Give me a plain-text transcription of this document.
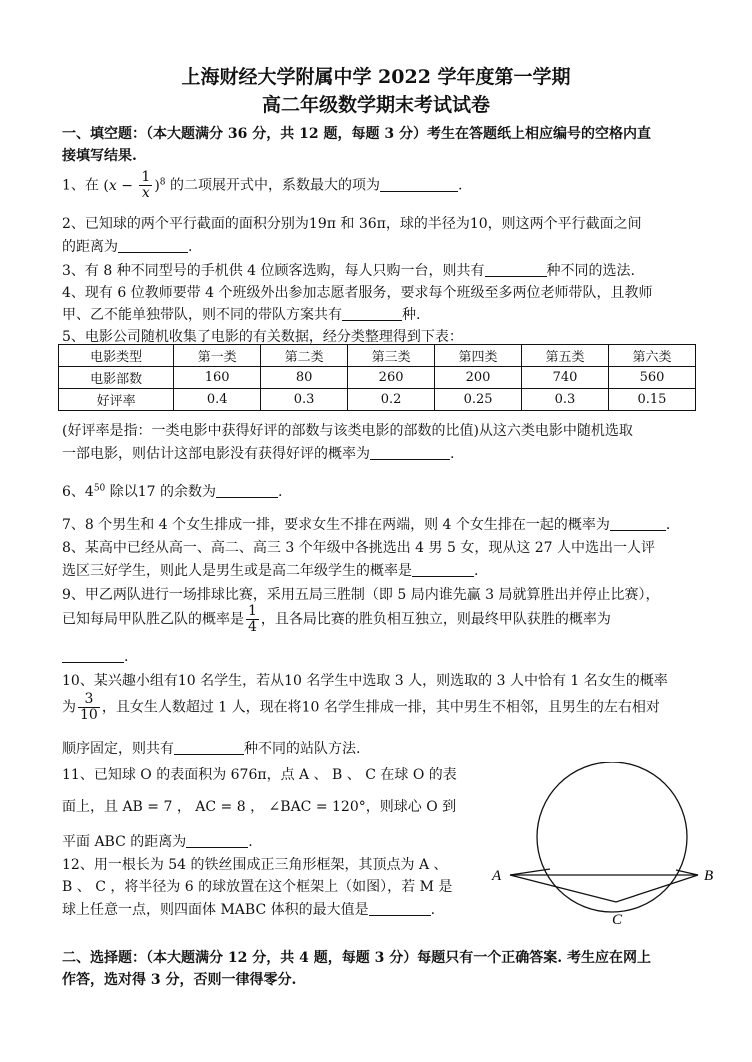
上海财经大学附属中学 2022 学年度第一学期
高二年级数学期末考试试卷
一、填空题：（本大题满分 36 分，共 12 题，每题 3 分）考生在答题纸上相应编号的空格内直
接填写结果.
1、在 $(x - \frac{1}{x} )^8$ 的二项展开式中，系数最大的项为	.
2、已知球的两个平行截面的面积分别为19π 和 36π，球的半径为10，则这两个平行截面之间
的距离为	.
3、有 8 种不同型号的手机供 4 位顾客选购，每人只购一台，则共有	种不同的选法.
4、现有 6 位教师要带 4 个班级外出参加志愿者服务，要求每个班级至多两位老师带队，且教师
甲、乙不能单独带队，则不同的带队方案共有	种.
5、电影公司随机收集了电影的有关数据，经分类整理得到下表：
电影类型	第一类	第二类	第三类	第四类	第五类	第六类
电影部数	160	80	260	200	740	560
好评率	0.4	0.3	0.2	0.25	0.3	0.15
(好评率是指：一类电影中获得好评的部数与该类电影的部数的比值)从这六类电影中随机选取
一部电影，则估计这部电影没有获得好评的概率为	.
6、$4^{50}$ 除以17 的余数为	.
7、8 个男生和 4 个女生排成一排，要求女生不排在两端，则 4 个女生排在一起的概率为	.
8、某高中已经从高一、高二、高三 3 个年级中各挑选出 4 男 5 女，现从这 27 人中选出一人评
选区三好学生，则此人是男生或是高二年级学生的概率是	.
9、甲乙两队进行一场排球比赛，采用五局三胜制（即 5 局内谁先赢 3 局就算胜出并停止比赛），
已知每局甲队胜乙队的概率是 $\frac{1}{4}$ ，且各局比赛的胜负相互独立，则最终甲队获胜的概率为
.
10、某兴趣小组有10 名学生，若从10 名学生中选取 3 人，则选取的 3 人中恰有 1 名女生的概率
为 $\frac{3}{10}$ ，且女生人数超过 1 人，现在将10 名学生排成一排，其中男生不相邻，且男生的左右相对
顺序固定，则共有	种不同的站队方法.
11、已知球 O 的表面积为 676π，点 A 、 B 、 C 在球 O 的表
面上，且 AB = 7 ， AC = 8 ， ∠BAC = 120°，则球心 O 到
平面 ABC 的距离为	.
12、用一根长为 54 的铁丝围成正三角形框架，其顶点为 A 、
B 、 C ，将半径为 6 的球放置在这个框架上（如图），若 M 是
球上任意一点，则四面体 MABC 体积的最大值是	.
A	B
C
二、选择题：（本大题满分 12 分，共 4 题，每题 3 分）每题只有一个正确答案. 考生应在网上
作答，选对得 3 分，否则一律得零分.
